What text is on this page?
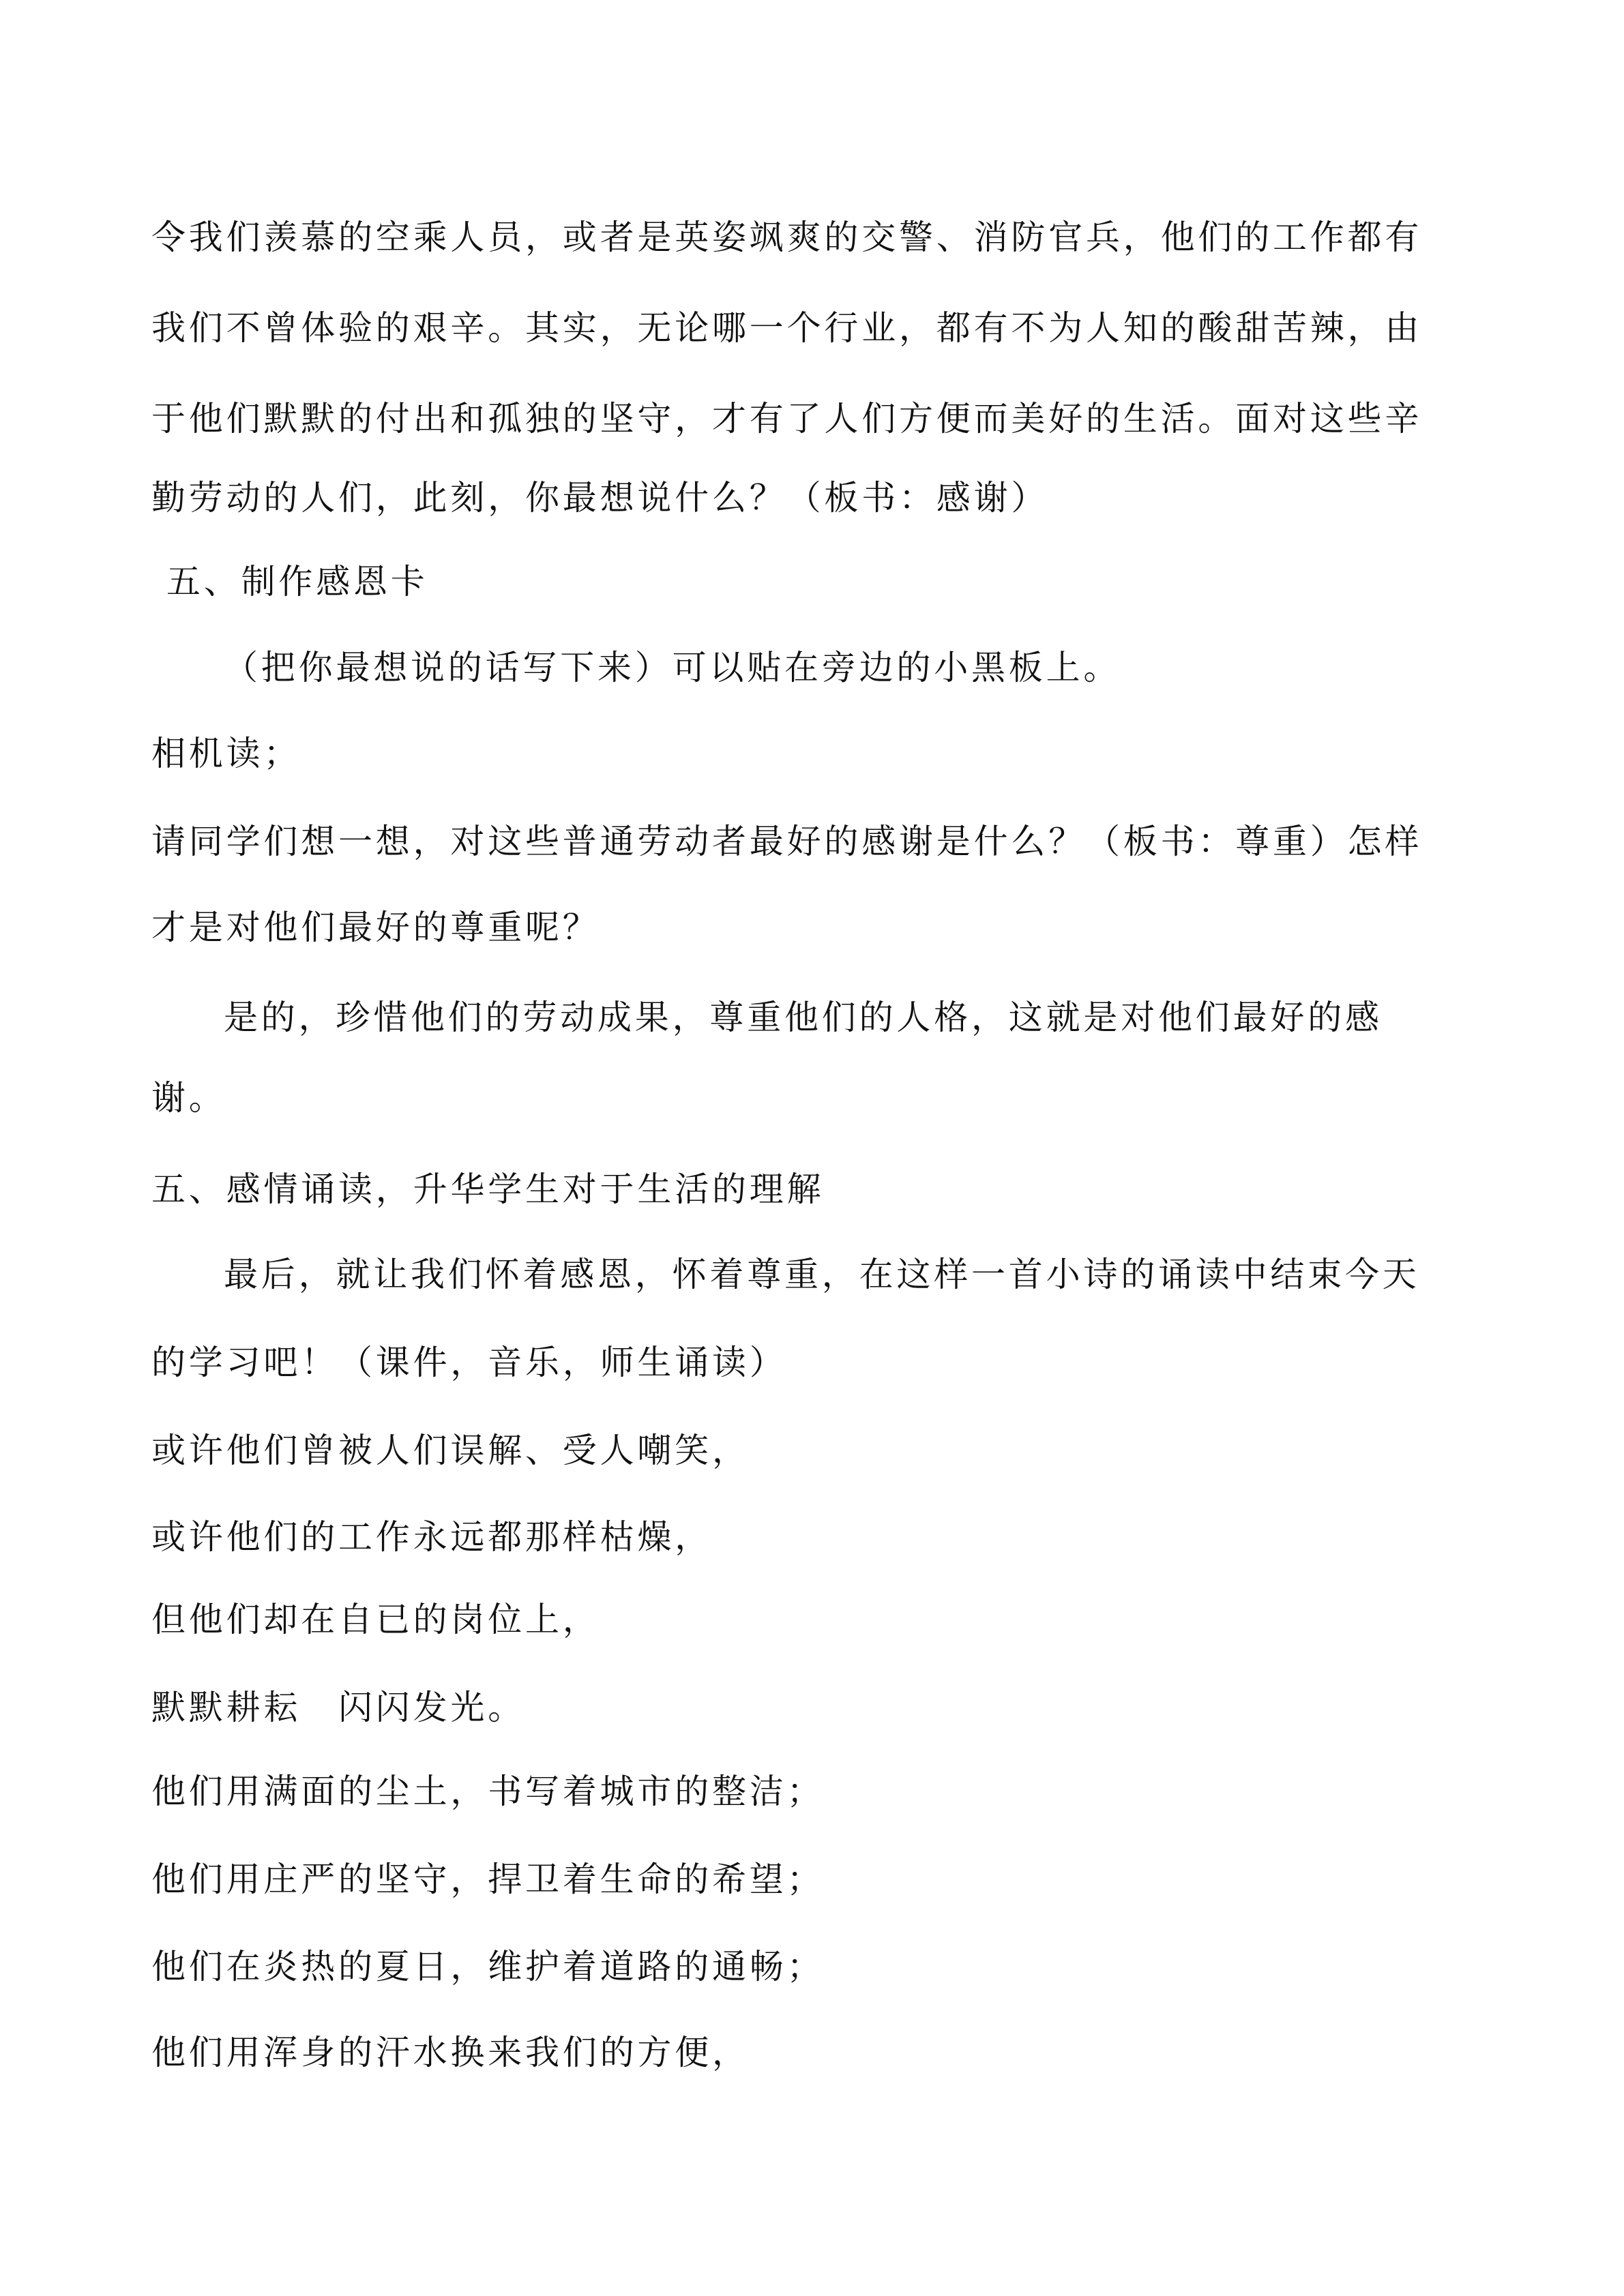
令我们羡慕的空乘人员，或者是英姿飒爽的交警、消防官兵，他们的工作都有

我们不曾体验的艰辛。其实，无论哪一个行业，都有不为人知的酸甜苦辣，由

于他们默默的付出和孤独的坚守，才有了人们方便而美好的生活。面对这些辛

勤劳动的人们，此刻，你最想说什么？（板书：感谢）

五、制作感恩卡

（把你最想说的话写下来）可以贴在旁边的小黑板上。

相机读；

请同学们想一想，对这些普通劳动者最好的感谢是什么？（板书：尊重）怎样

才是对他们最好的尊重呢？

是的，珍惜他们的劳动成果，尊重他们的人格，这就是对他们最好的感

谢。

五、感情诵读，升华学生对于生活的理解

最后，就让我们怀着感恩，怀着尊重，在这样一首小诗的诵读中结束今天

的学习吧！（课件，音乐，师生诵读）

或许他们曾被人们误解、受人嘲笑，

或许他们的工作永远都那样枯燥，

但他们却在自已的岗位上，

默默耕耘　闪闪发光。

他们用满面的尘土，书写着城市的整洁；

他们用庄严的坚守，捍卫着生命的希望；

他们在炎热的夏日，维护着道路的通畅；

他们用浑身的汗水换来我们的方便，
